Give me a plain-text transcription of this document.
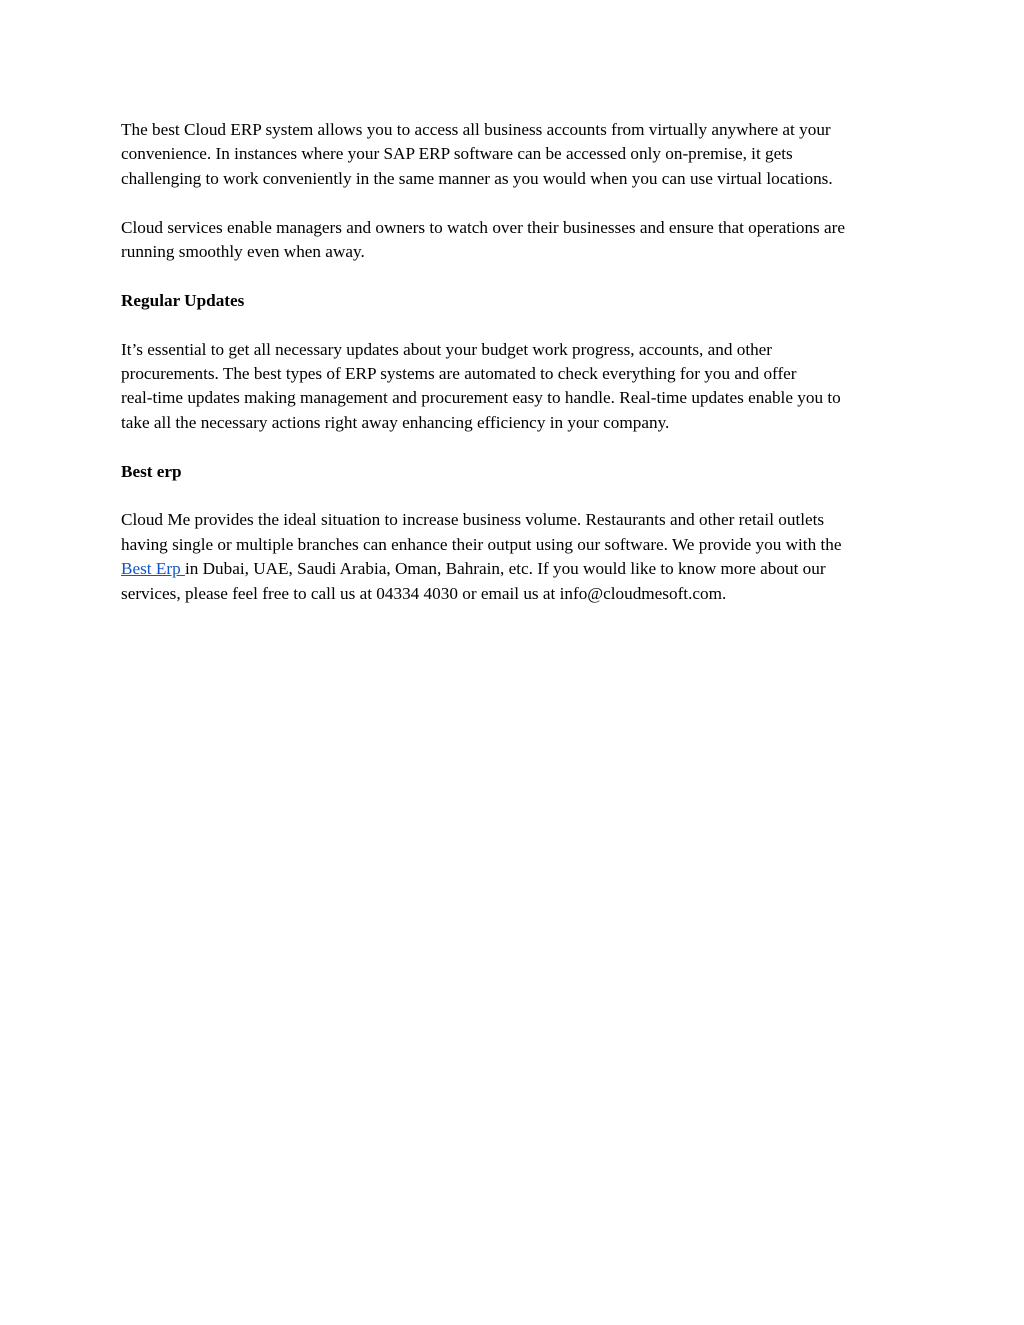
The best Cloud ERP system allows you to access all business accounts from virtually anywhere at your
convenience. In instances where your SAP ERP software can be accessed only on-premise, it gets
challenging to work conveniently in the same manner as you would when you can use virtual locations.

Cloud services enable managers and owners to watch over their businesses and ensure that operations are
running smoothly even when away.

Regular Updates

It’s essential to get all necessary updates about your budget work progress, accounts, and other
procurements. The best types of ERP systems are automated to check everything for you and offer
real-time updates making management and procurement easy to handle. Real-time updates enable you to
take all the necessary actions right away enhancing efficiency in your company.

Best erp

Cloud Me provides the ideal situation to increase business volume. Restaurants and other retail outlets
having single or multiple branches can enhance their output using our software. We provide you with the
Best Erp in Dubai, UAE, Saudi Arabia, Oman, Bahrain, etc. If you would like to know more about our
services, please feel free to call us at 04334 4030 or email us at info@cloudmesoft.com.
